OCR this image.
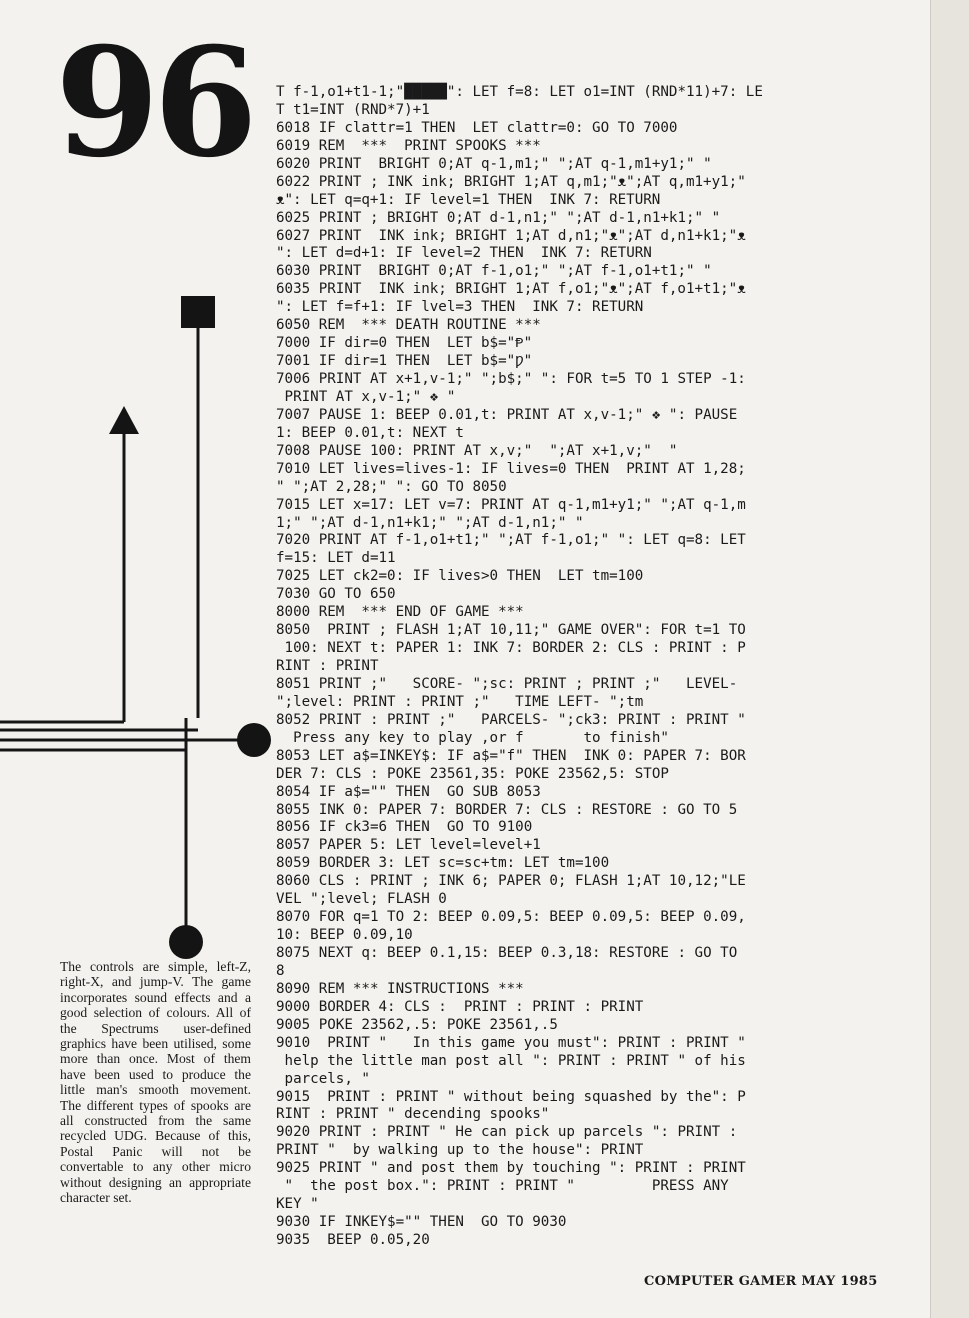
96 T f-1,o1+t1-1;"█████": LET f=8: LET o1=INT (RND*11)+7: LE
T t1=INT (RND*7)+1
6018 IF clattr=1 THEN  LET clattr=0: GO TO 7000
6019 REM  ***  PRINT SPOOKS ***
6020 PRINT  BRIGHT 0;AT q-1,m1;" ";AT q-1,m1+y1;" "
6022 PRINT ; INK ink; BRIGHT 1;AT q,m1;"ᴥ";AT q,m1+y1;"
ᴥ": LET q=q+1: IF level=1 THEN  INK 7: RETURN
6025 PRINT ; BRIGHT 0;AT d-1,n1;" ";AT d-1,n1+k1;" "
6027 PRINT  INK ink; BRIGHT 1;AT d,n1;"ᴥ";AT d,n1+k1;"ᴥ
": LET d=d+1: IF level=2 THEN  INK 7: RETURN
6030 PRINT  BRIGHT 0;AT f-1,o1;" ";AT f-1,o1+t1;" "
6035 PRINT  INK ink; BRIGHT 1;AT f,o1;"ᴥ";AT f,o1+t1;"ᴥ
": LET f=f+1: IF lvel=3 THEN  INK 7: RETURN
6050 REM  *** DEATH ROUTINE ***
7000 IF dir=0 THEN  LET b$="Ᵽ"
7001 IF dir=1 THEN  LET b$="Ƿ"
7006 PRINT AT x+1,v-1;" ";b$;" ": FOR t=5 TO 1 STEP -1:
PRINT AT x,v-1;" ❖ "
7007 PAUSE 1: BEEP 0.01,t: PRINT AT x,v-1;" ❖ ": PAUSE
1: BEEP 0.01,t: NEXT t
7008 PAUSE 100: PRINT AT x,v;"  ";AT x+1,v;"  "
7010 LET lives=lives-1: IF lives=0 THEN  PRINT AT 1,28;
" ";AT 2,28;" ": GO TO 8050
7015 LET x=17: LET v=7: PRINT AT q-1,m1+y1;" ";AT q-1,m
1;" ";AT d-1,n1+k1;" ";AT d-1,n1;" "
7020 PRINT AT f-1,o1+t1;" ";AT f-1,o1;" ": LET q=8: LET
f=15: LET d=11
7025 LET ck2=0: IF lives>0 THEN  LET tm=100
7030 GO TO 650
8000 REM  *** END OF GAME ***
8050  PRINT ; FLASH 1;AT 10,11;" GAME OVER": FOR t=1 TO
100: NEXT t: PAPER 1: INK 7: BORDER 2: CLS : PRINT : P
RINT : PRINT
8051 PRINT ;"   SCORE- ";sc: PRINT ; PRINT ;"   LEVEL-
";level: PRINT : PRINT ;"   TIME LEFT- ";tm
8052 PRINT : PRINT ;"   PARCELS- ";ck3: PRINT : PRINT "
Press any key to play ,or f       to finish"
8053 LET a$=INKEY$: IF a$="f" THEN  INK 0: PAPER 7: BOR
DER 7: CLS : POKE 23561,35: POKE 23562,5: STOP
8054 IF a$="" THEN  GO SUB 8053
8055 INK 0: PAPER 7: BORDER 7: CLS : RESTORE : GO TO 5
8056 IF ck3=6 THEN  GO TO 9100
8057 PAPER 5: LET level=level+1
8059 BORDER 3: LET sc=sc+tm: LET tm=100
8060 CLS : PRINT ; INK 6; PAPER 0; FLASH 1;AT 10,12;"LE
VEL ";level; FLASH 0
8070 FOR q=1 TO 2: BEEP 0.09,5: BEEP 0.09,5: BEEP 0.09,
10: BEEP 0.09,10
8075 NEXT q: BEEP 0.1,15: BEEP 0.3,18: RESTORE : GO TO
8
8090 REM *** INSTRUCTIONS ***
9000 BORDER 4: CLS :  PRINT : PRINT : PRINT
9005 POKE 23562,.5: POKE 23561,.5
9010  PRINT "   In this game you must": PRINT : PRINT "
help the little man post all ": PRINT : PRINT " of his
parcels, "
9015  PRINT : PRINT " without being squashed by the": P
RINT : PRINT " decending spooks"
9020 PRINT : PRINT " He can pick up parcels ": PRINT :
PRINT "  by walking up to the house": PRINT
9025 PRINT " and post them by touching ": PRINT : PRINT
"  the post box.": PRINT : PRINT "         PRESS ANY
KEY "
9030 IF INKEY$="" THEN  GO TO 9030
9035  BEEP 0.05,20
The controls are simple, left-Z, right-X, and jump-V. The game incorporates sound effects and a good selection of colours. All of the Spectrums user-defined graphics have been utilised, some more than once. Most of them have been used to produce the little man's smooth movement. The different types of spooks are all constructed from the same recycled UDG. Because of this, Postal Panic will not be convertable to any other micro without designing an appropriate character set.
COMPUTER GAMER MAY 1985
